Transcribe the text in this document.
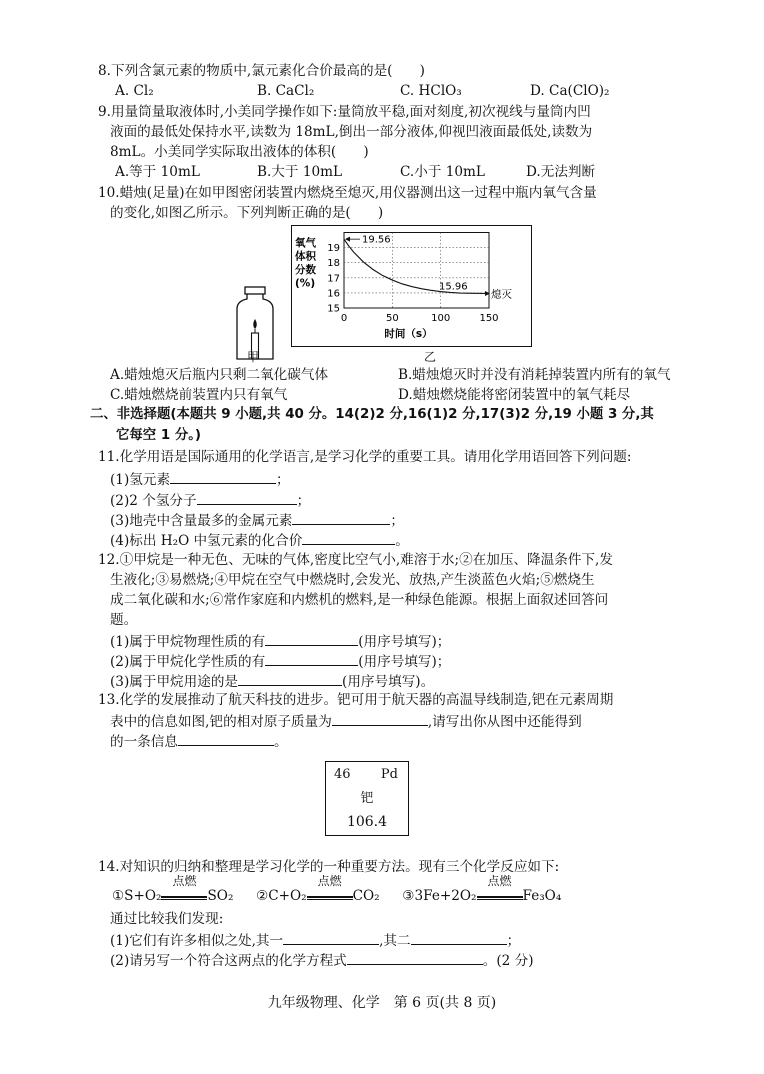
8.下列含氯元素的物质中,氯元素化合价最高的是(　　)
A. Cl₂	B. CaCl₂	C. HClO₃	D. Ca(ClO)₂
9.用量筒量取液体时,小美同学操作如下:量筒放平稳,面对刻度,初次视线与量筒内凹
液面的最低处保持水平,读数为 18mL,倒出一部分液体,仰视凹液面最低处,读数为
8mL。小美同学实际取出液体的体积(　　)
A.等于 10mL	B.大于 10mL	C.小于 10mL	D.无法判断
10.蜡烛(足量)在如甲图密闭装置内燃烧至熄灭,用仪器测出这一过程中瓶内氧气含量
的变化,如图乙所示。下列判断正确的是(　　)
甲
15
16
17
18
19
0	50	100	150
氧气
体积
分数
(%)
时间（s）
19.56
15.96
熄灭
乙
A.蜡烛熄灭后瓶内只剩二氧化碳气体	B.蜡烛熄灭时并没有消耗掉装置内所有的氧气
C.蜡烛燃烧前装置内只有氧气	D.蜡烛燃烧能将密闭装置中的氧气耗尽
二、非选择题(本题共 9 小题,共 40 分。14(2)2 分,16(1)2 分,17(3)2 分,19 小题 3 分,其
它每空 1 分。)
11.化学用语是国际通用的化学语言,是学习化学的重要工具。请用化学用语回答下列问题:
(1)氢元素	；
(2)2 个氢分子	；
(3)地壳中含量最多的金属元素	；
(4)标出 H₂O 中氢元素的化合价	。
12.①甲烷是一种无色、无味的气体,密度比空气小,难溶于水;②在加压、降温条件下,发
生液化;③易燃烧;④甲烷在空气中燃烧时,会发光、放热,产生淡蓝色火焰;⑤燃烧生
成二氧化碳和水;⑥常作家庭和内燃机的燃料,是一种绿色能源。根据上面叙述回答问
题。
(1)属于甲烷物理性质的有	(用序号填写)；
(2)属于甲烷化学性质的有	(用序号填写)；
(3)属于甲烷用途的是	(用序号填写)。
13.化学的发展推动了航天科技的进步。钯可用于航天器的高温导线制造,钯在元素周期
表中的信息如图,钯的相对原子质量为	,请写出你从图中还能得到
的一条信息	。
46 Pd
钯
106.4
14.对知识的归纳和整理是学习化学的一种重要方法。现有三个化学反应如下:
①S+O₂
点燃
SO₂ ②C+O₂
点燃
CO₂ ③3Fe+2O₂
点燃
Fe₃O₄
通过比较我们发现:
(1)它们有许多相似之处,其一	,其二	；
(2)请另写一个符合这两点的化学方程式	。(2 分)
九年级物理、化学　第 6 页(共 8 页)
